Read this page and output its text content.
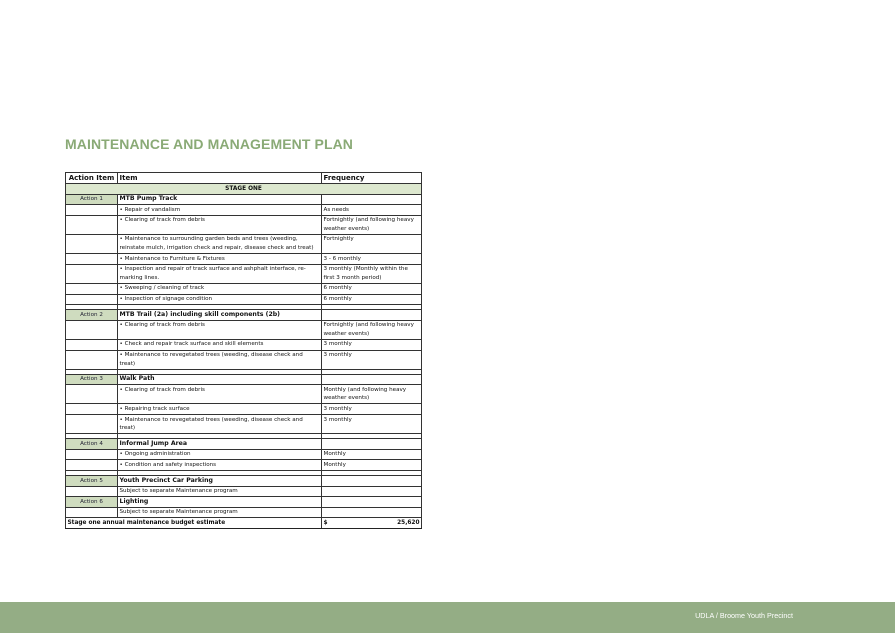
MAINTENANCE AND MANAGEMENT PLAN
Action Item	Item	Frequency
STAGE ONE		
Action 1	MTB Pump Track	
	• Repair of vandalism	As needs
	• Clearing of track from debris	Fortnightly (and following heavy weather events)
	• Maintenance to surrounding garden beds and trees (weeding, reinstate mulch, irrigation check and repair, disease check and treat)	Fortnightly
	• Maintenance to Furniture & Fixtures	3 - 6 monthly
	• Inspection and repair of track surface and ashphalt interface, re-marking lines.	3 monthly (Monthly within the first 3 month period)
	• Sweeping / cleaning of track	6 monthly
	• Inspection of signage condition	6 monthly

Action 2	MTB Trail (2a) including skill components (2b)	
	• Clearing of track from debris	Fortnightly (and following heavy weather events)
	• Check and repair track surface and skill elements	3 monthly
	• Maintenance to revegetated trees (weeding, disease check and treat)	3 monthly

Action 3	Walk Path	
	• Clearing of track from debris	Monthly (and following heavy weather events)
	• Repairing track surface	3 monthly
	• Maintenance to revegetated trees (weeding, disease check and treat)	3 monthly

Action 4	Informal Jump Area	
	• Ongoing administration	Monthly
	• Condition and safety inspections	Monthly

Action 5	Youth Precinct Car Parking	
	Subject to separate Maintenance program	
Action 6	Lighting	
	Subject to separate Maintenance program	
Stage one annual maintenance budget estimate		$ 25,620
UDLA / Broome Youth Precinct
